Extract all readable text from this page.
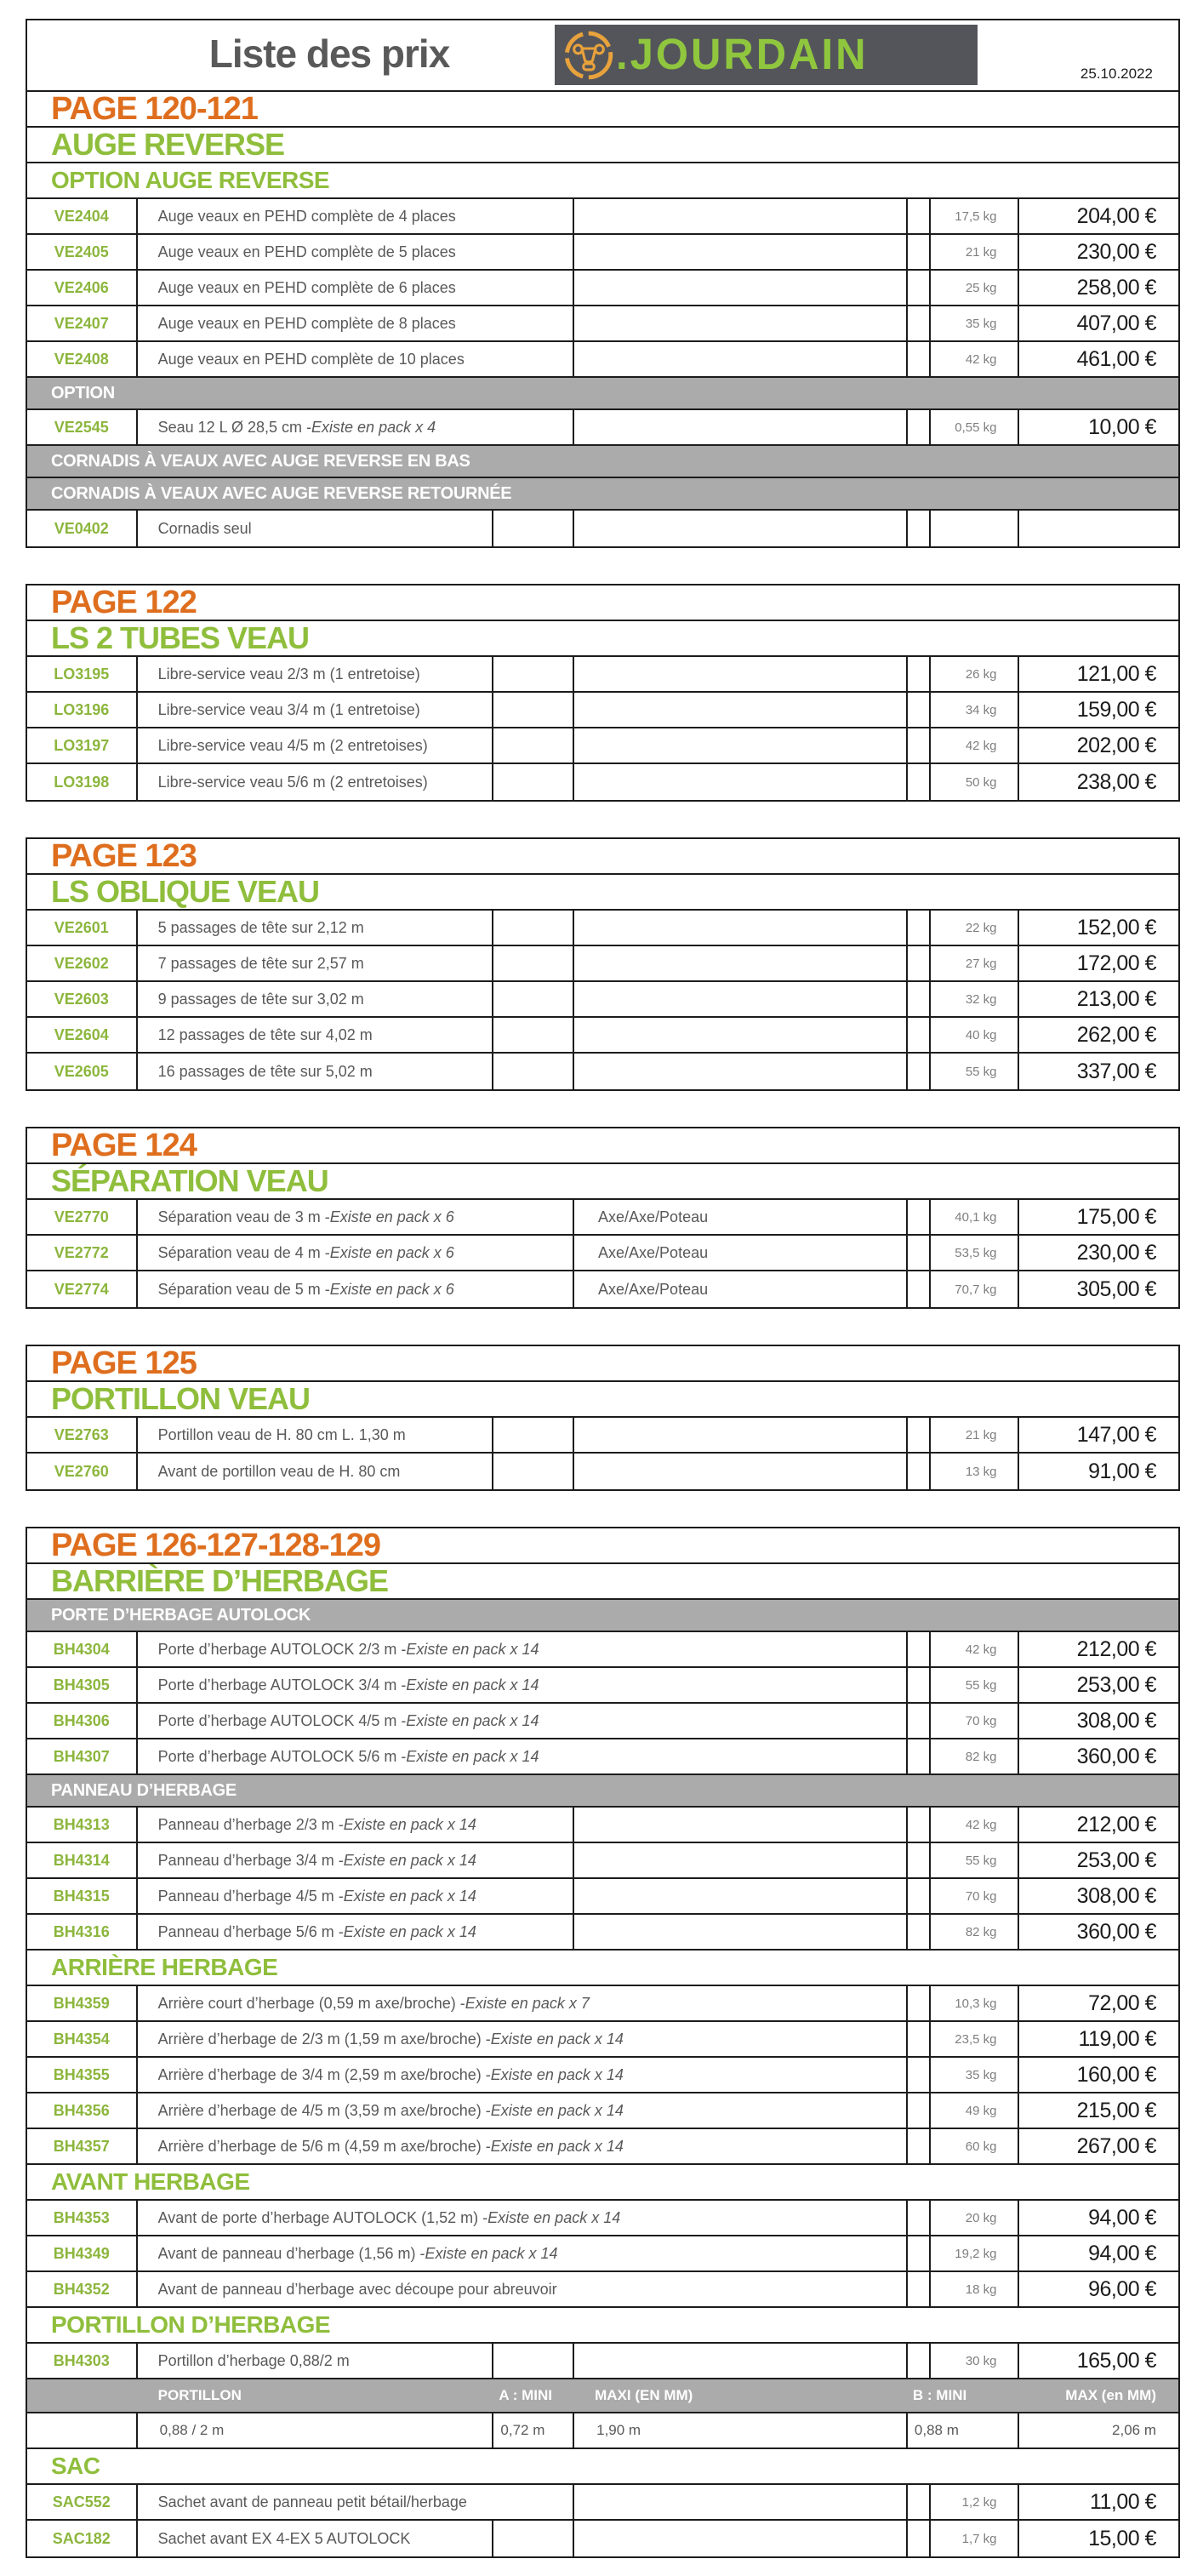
Liste des prix	.JOURDAIN	25.10.2022
PAGE 120-121
AUGE REVERSE
OPTION AUGE REVERSE
VE2404	Auge veaux en PEHD complète de 4 places	17,5 kg	204,00 €
VE2405	Auge veaux en PEHD complète de 5 places	21 kg	230,00 €
VE2406	Auge veaux en PEHD complète de 6 places	25 kg	258,00 €
VE2407	Auge veaux en PEHD complète de 8 places	35 kg	407,00 €
VE2408	Auge veaux en PEHD complète de 10 places	42 kg	461,00 €
OPTION
VE2545	Seau 12 L Ø 28,5 cm - Existe en pack x 4	0,55 kg	10,00 €
CORNADIS À VEAUX AVEC AUGE REVERSE EN BAS
CORNADIS À VEAUX AVEC AUGE REVERSE RETOURNÉE
VE0402	Cornadis seul
PAGE 122
LS 2 TUBES VEAU
LO3195	Libre-service veau 2/3 m (1 entretoise)	26 kg	121,00 €
LO3196	Libre-service veau 3/4 m (1 entretoise)	34 kg	159,00 €
LO3197	Libre-service veau 4/5 m (2 entretoises)	42 kg	202,00 €
LO3198	Libre-service veau 5/6 m (2 entretoises)	50 kg	238,00 €
PAGE 123
LS OBLIQUE VEAU
VE2601	5 passages de tête sur 2,12 m	22 kg	152,00 €
VE2602	7 passages de tête sur 2,57 m	27 kg	172,00 €
VE2603	9 passages de tête sur 3,02 m	32 kg	213,00 €
VE2604	12 passages de tête sur 4,02 m	40 kg	262,00 €
VE2605	16 passages de tête sur 5,02 m	55 kg	337,00 €
PAGE 124
SÉPARATION VEAU
VE2770	Séparation veau de 3 m - Existe en pack x 6	Axe/Axe/Poteau	40,1 kg	175,00 €
VE2772	Séparation veau de 4 m - Existe en pack x 6	Axe/Axe/Poteau	53,5 kg	230,00 €
VE2774	Séparation veau de 5 m - Existe en pack x 6	Axe/Axe/Poteau	70,7 kg	305,00 €
PAGE 125
PORTILLON VEAU
VE2763	Portillon veau de H. 80 cm L. 1,30 m	21 kg	147,00 €
VE2760	Avant de portillon veau de H. 80 cm	13 kg	91,00 €
PAGE 126-127-128-129
BARRIÈRE D’HERBAGE
PORTE D’HERBAGE AUTOLOCK
BH4304	Porte d’herbage AUTOLOCK 2/3 m - Existe en pack x 14	42 kg	212,00 €
BH4305	Porte d’herbage AUTOLOCK 3/4 m - Existe en pack x 14	55 kg	253,00 €
BH4306	Porte d’herbage AUTOLOCK 4/5 m - Existe en pack x 14	70 kg	308,00 €
BH4307	Porte d’herbage AUTOLOCK 5/6 m - Existe en pack x 14	82 kg	360,00 €
PANNEAU D’HERBAGE
BH4313	Panneau d’herbage 2/3 m - Existe en pack x 14	42 kg	212,00 €
BH4314	Panneau d’herbage 3/4 m - Existe en pack x 14	55 kg	253,00 €
BH4315	Panneau d’herbage 4/5 m - Existe en pack x 14	70 kg	308,00 €
BH4316	Panneau d’herbage 5/6 m - Existe en pack x 14	82 kg	360,00 €
ARRIÈRE HERBAGE
BH4359	Arrière court d’herbage (0,59 m axe/broche) - Existe en pack x 7	10,3 kg	72,00 €
BH4354	Arrière d’herbage de 2/3 m (1,59 m axe/broche) - Existe en pack x 14	23,5 kg	119,00 €
BH4355	Arrière d’herbage de 3/4 m (2,59 m axe/broche) - Existe en pack x 14	35 kg	160,00 €
BH4356	Arrière d’herbage de 4/5 m (3,59 m axe/broche) - Existe en pack x 14	49 kg	215,00 €
BH4357	Arrière d’herbage de 5/6 m (4,59 m axe/broche) - Existe en pack x 14	60 kg	267,00 €
AVANT HERBAGE
BH4353	Avant de porte d’herbage AUTOLOCK (1,52 m) - Existe en pack x 14	20 kg	94,00 €
BH4349	Avant de panneau d’herbage (1,56 m) - Existe en pack x 14	19,2 kg	94,00 €
BH4352	Avant de panneau d’herbage avec découpe pour abreuvoir	18 kg	96,00 €
PORTILLON D’HERBAGE
BH4303	Portillon d’herbage 0,88/2 m	30 kg	165,00 €
PORTILLON	A : MINI	MAXI (EN MM)	B : MINI	MAX (en MM)
0,88 / 2 m	0,72 m	1,90 m	0,88 m	2,06 m
SAC
SAC552	Sachet avant de panneau petit bétail/herbage	1,2 kg	11,00 €
SAC182	Sachet avant EX 4-EX 5 AUTOLOCK	1,7 kg	15,00 €
